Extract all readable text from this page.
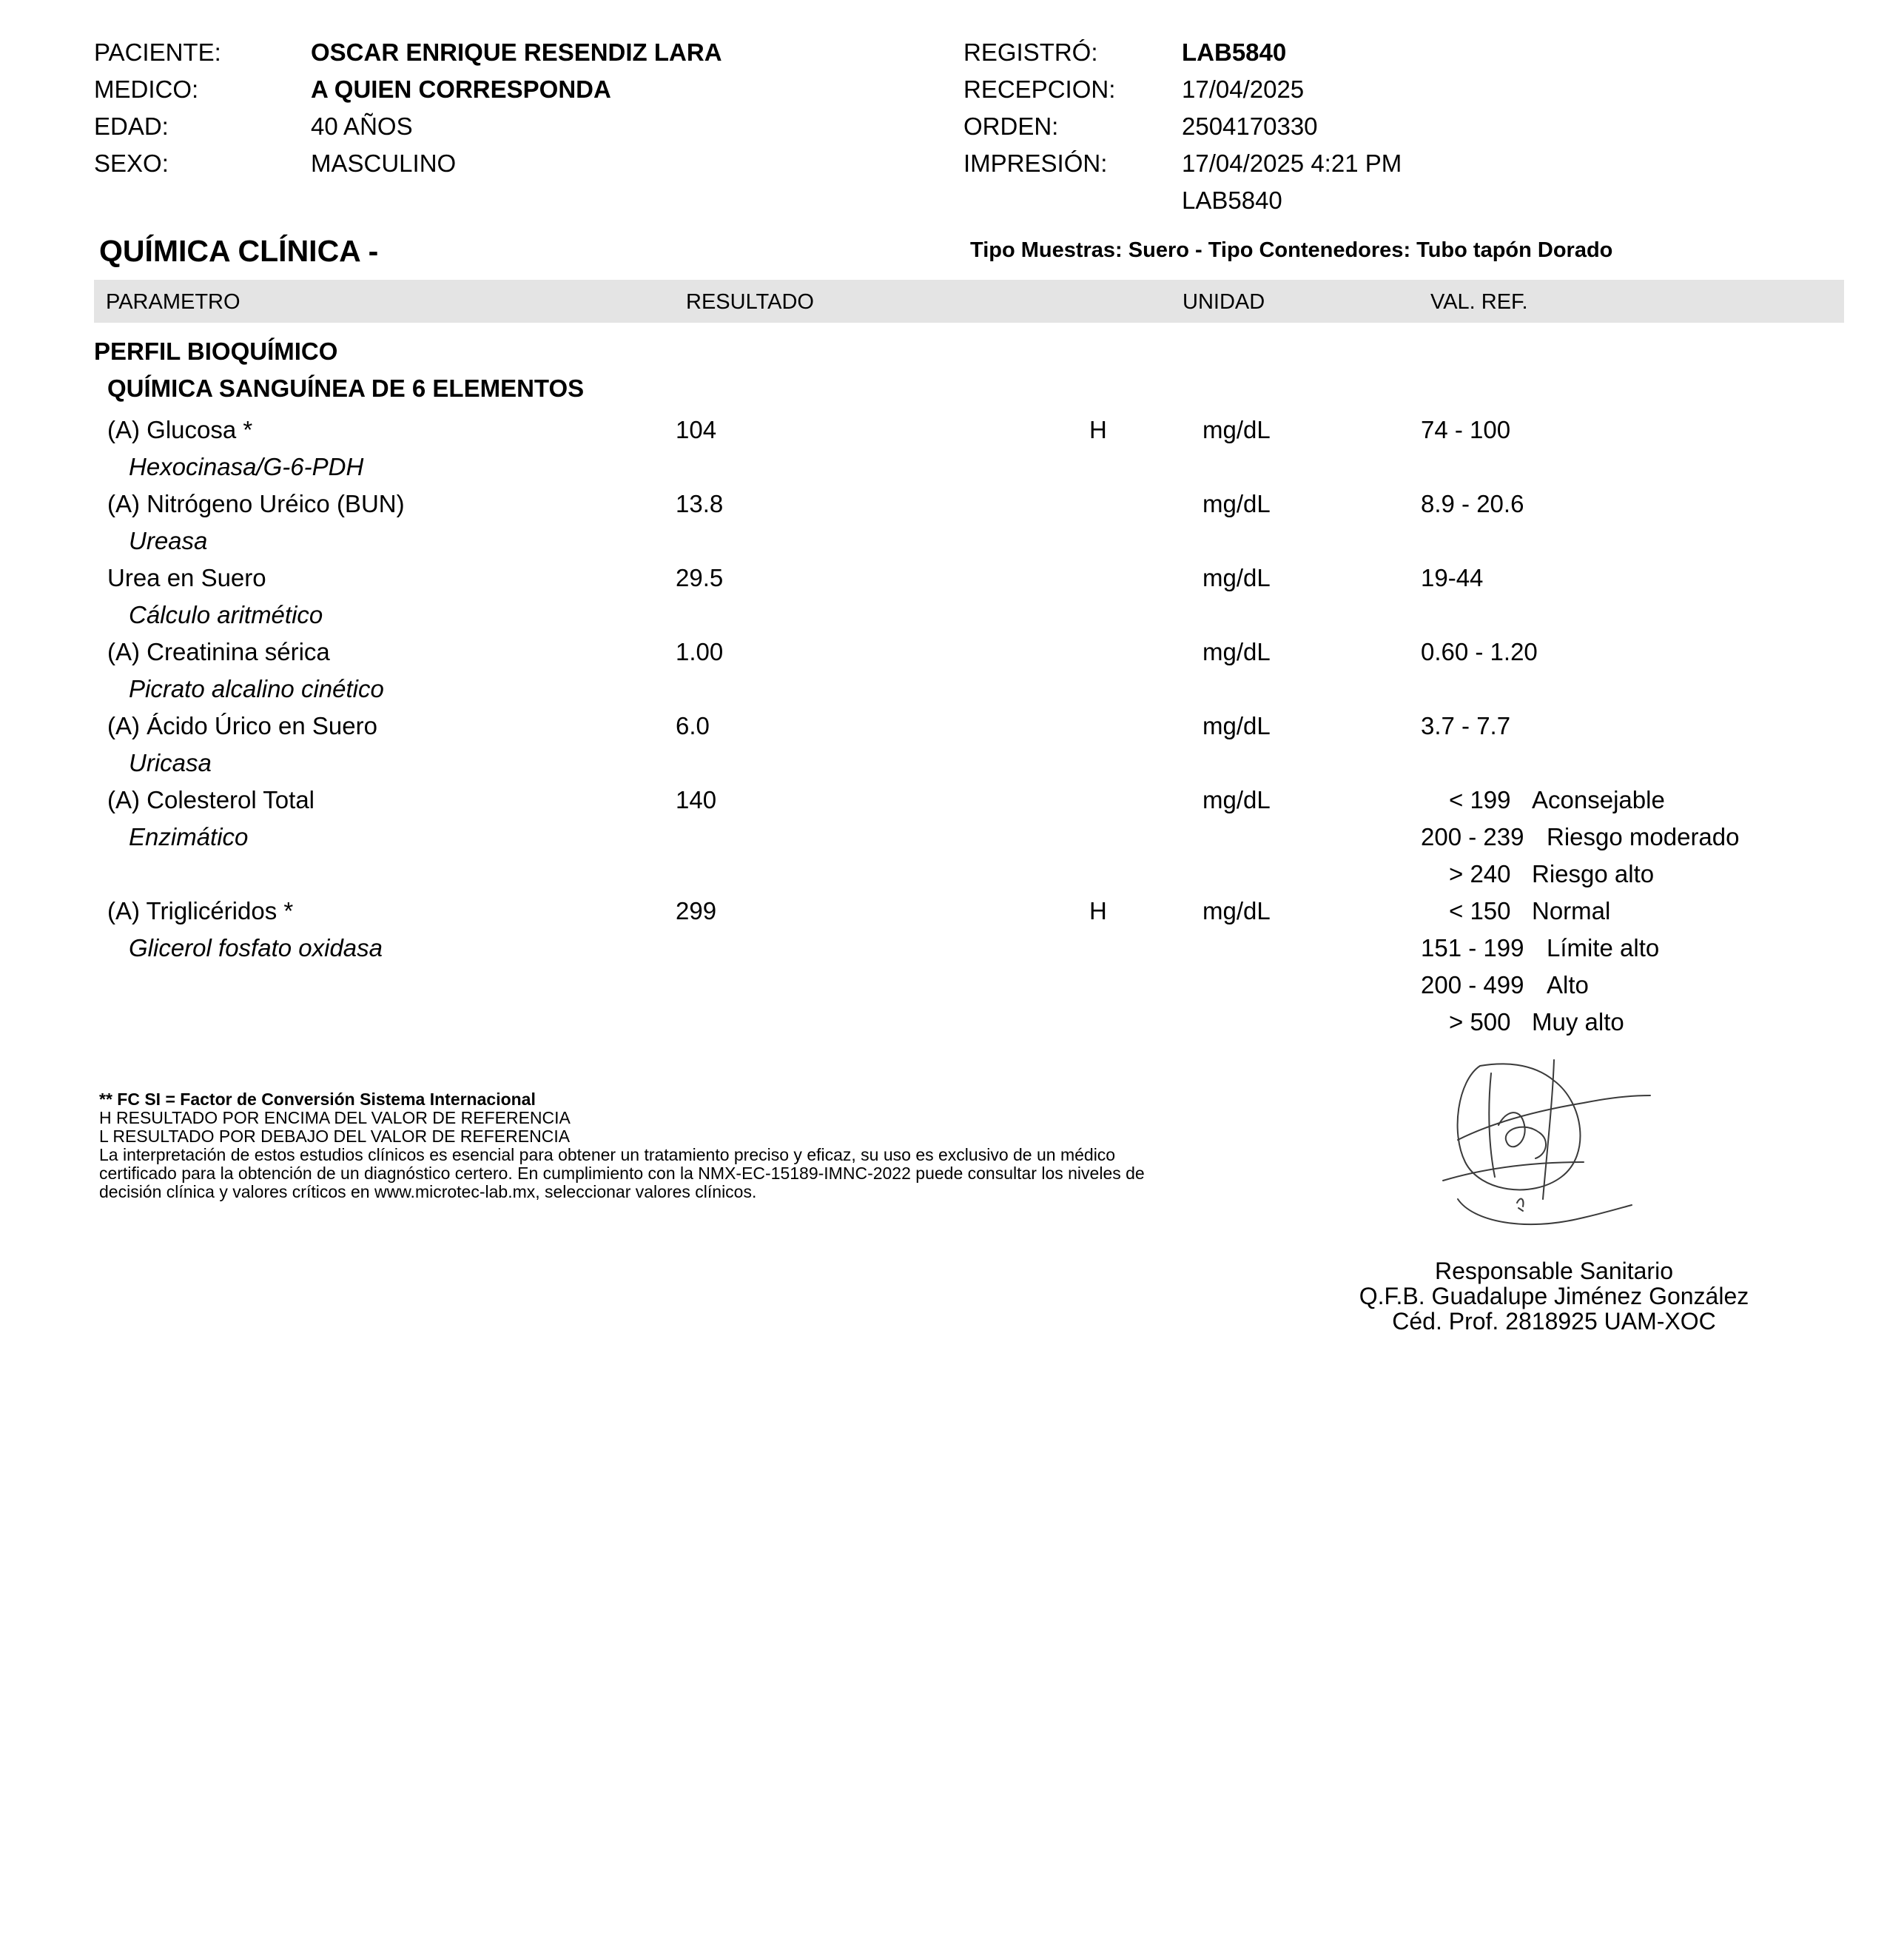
PACIENTE:	OSCAR ENRIQUE RESENDIZ LARA
MEDICO:	A QUIEN CORRESPONDA
EDAD:	40 AÑOS
SEXO:	MASCULINO
REGISTRÓ:	LAB5840
RECEPCION:	17/04/2025
ORDEN:	2504170330
IMPRESIÓN:	17/04/2025 4:21 PM
LAB5840
QUÍMICA CLÍNICA -	Tipo Muestras: Suero - Tipo Contenedores: Tubo tapón Dorado
PARAMETRO	RESULTADO	UNIDAD	VAL. REF.
PERFIL BIOQUÍMICO
QUÍMICA SANGUÍNEA DE 6 ELEMENTOS
(A) Glucosa *
Hexocinasa/G-6-PDH
104	H	mg/dL	74 - 100
(A) Nitrógeno Uréico (BUN)
Ureasa
13.8	mg/dL	8.9 - 20.6
Urea en Suero
Cálculo aritmético
29.5	mg/dL	19-44
(A) Creatinina sérica
Picrato alcalino cinético
1.00	mg/dL	0.60 - 1.20
(A) Ácido Úrico en Suero
Uricasa
6.0	mg/dL	3.7 - 7.7
(A) Colesterol Total
Enzimático
140	mg/dL	< 199 Aconsejable
200 - 239 Riesgo moderado
> 240 Riesgo alto
(A) Triglicéridos *
Glicerol fosfato oxidasa
299	H	mg/dL	< 150 Normal
151 - 199 Límite alto
200 - 499 Alto
> 500 Muy alto
** FC SI = Factor de Conversión Sistema Internacional
H RESULTADO POR ENCIMA DEL VALOR DE REFERENCIA
L RESULTADO POR DEBAJO DEL VALOR DE REFERENCIA
La interpretación de estos estudios clínicos es esencial para obtener un tratamiento preciso y eficaz, su uso es exclusivo de un médico
certificado para la obtención de un diagnóstico certero. En cumplimiento con la NMX-EC-15189-IMNC-2022 puede consultar los niveles de
decisión clínica y valores críticos en www.microtec-lab.mx, seleccionar valores clínicos.
Responsable Sanitario
Q.F.B. Guadalupe Jiménez González
Céd. Prof. 2818925 UAM-XOC
